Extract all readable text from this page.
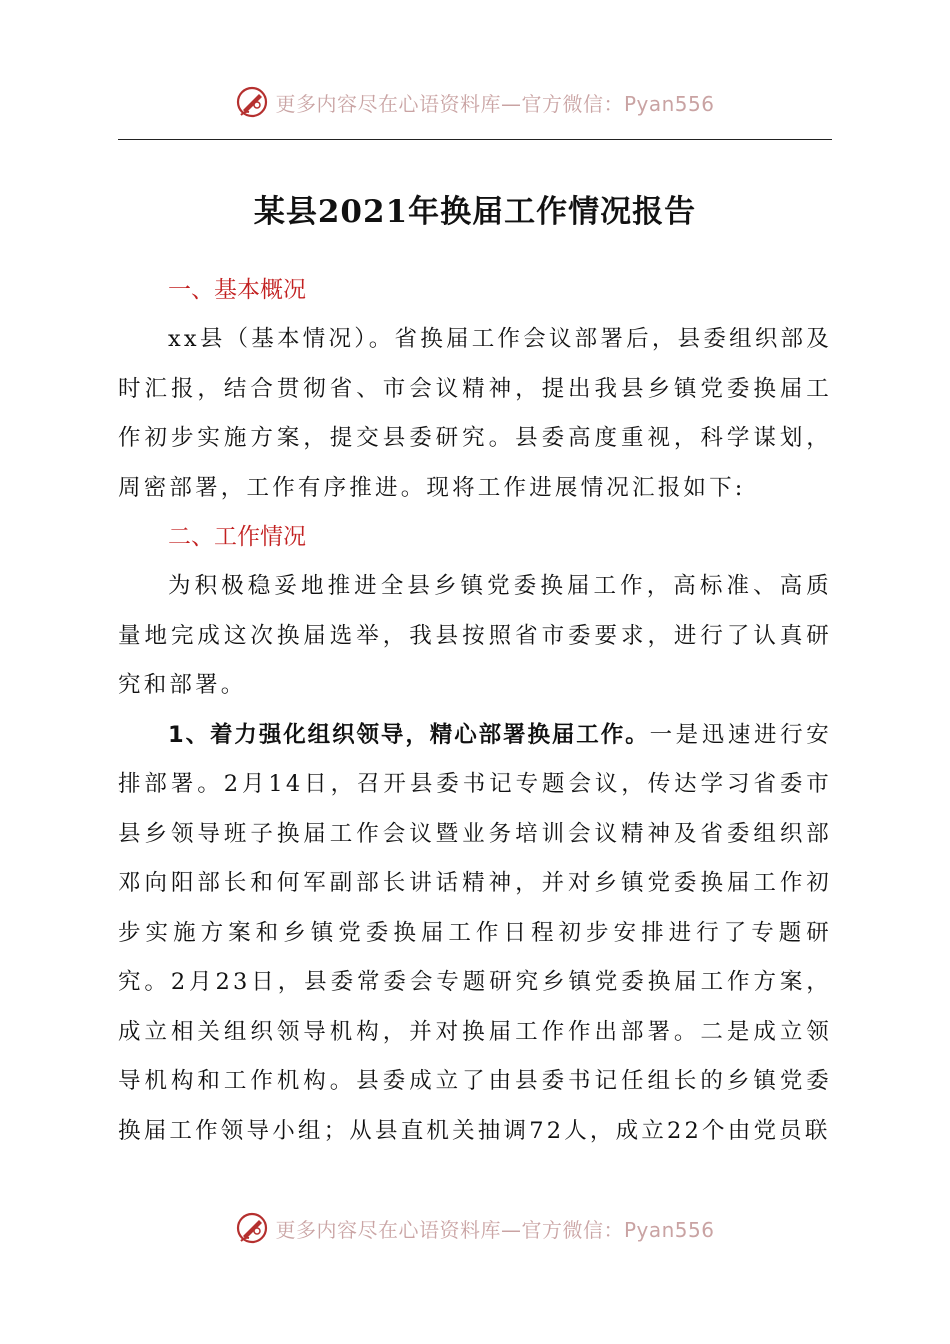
更多内容尽在心语资料库—官方微信：Pyan556
某县2021年换届工作情况报告

一、基本概况

xx县（基本情况）。省换届工作会议部署后，县委组织部及时汇报，结合贯彻省、市会议精神，提出我县乡镇党委换届工作初步实施方案，提交县委研究。县委高度重视，科学谋划，周密部署，工作有序推进。现将工作进展情况汇报如下:

二、工作情况

为积极稳妥地推进全县乡镇党委换届工作，高标准、高质量地完成这次换届选举，我县按照省市委要求，进行了认真研究和部署。

1、着力强化组织领导，精心部署换届工作。一是迅速进行安排部署。2月14日，召开县委书记专题会议，传达学习省委市县乡领导班子换届工作会议暨业务培训会议精神及省委组织部邓向阳部长和何军副部长讲话精神，并对乡镇党委换届工作初步实施方案和乡镇党委换届工作日程初步安排进行了专题研究。2月23日，县委常委会专题研究乡镇党委换届工作方案，成立相关组织领导机构，并对换届工作作出部署。二是成立领导机构和工作机构。县委成立了由县委书记任组长的乡镇党委换届工作领导小组；从县直机关抽调72人，成立22个由党员联

更多内容尽在心语资料库—官方微信：Pyan556
